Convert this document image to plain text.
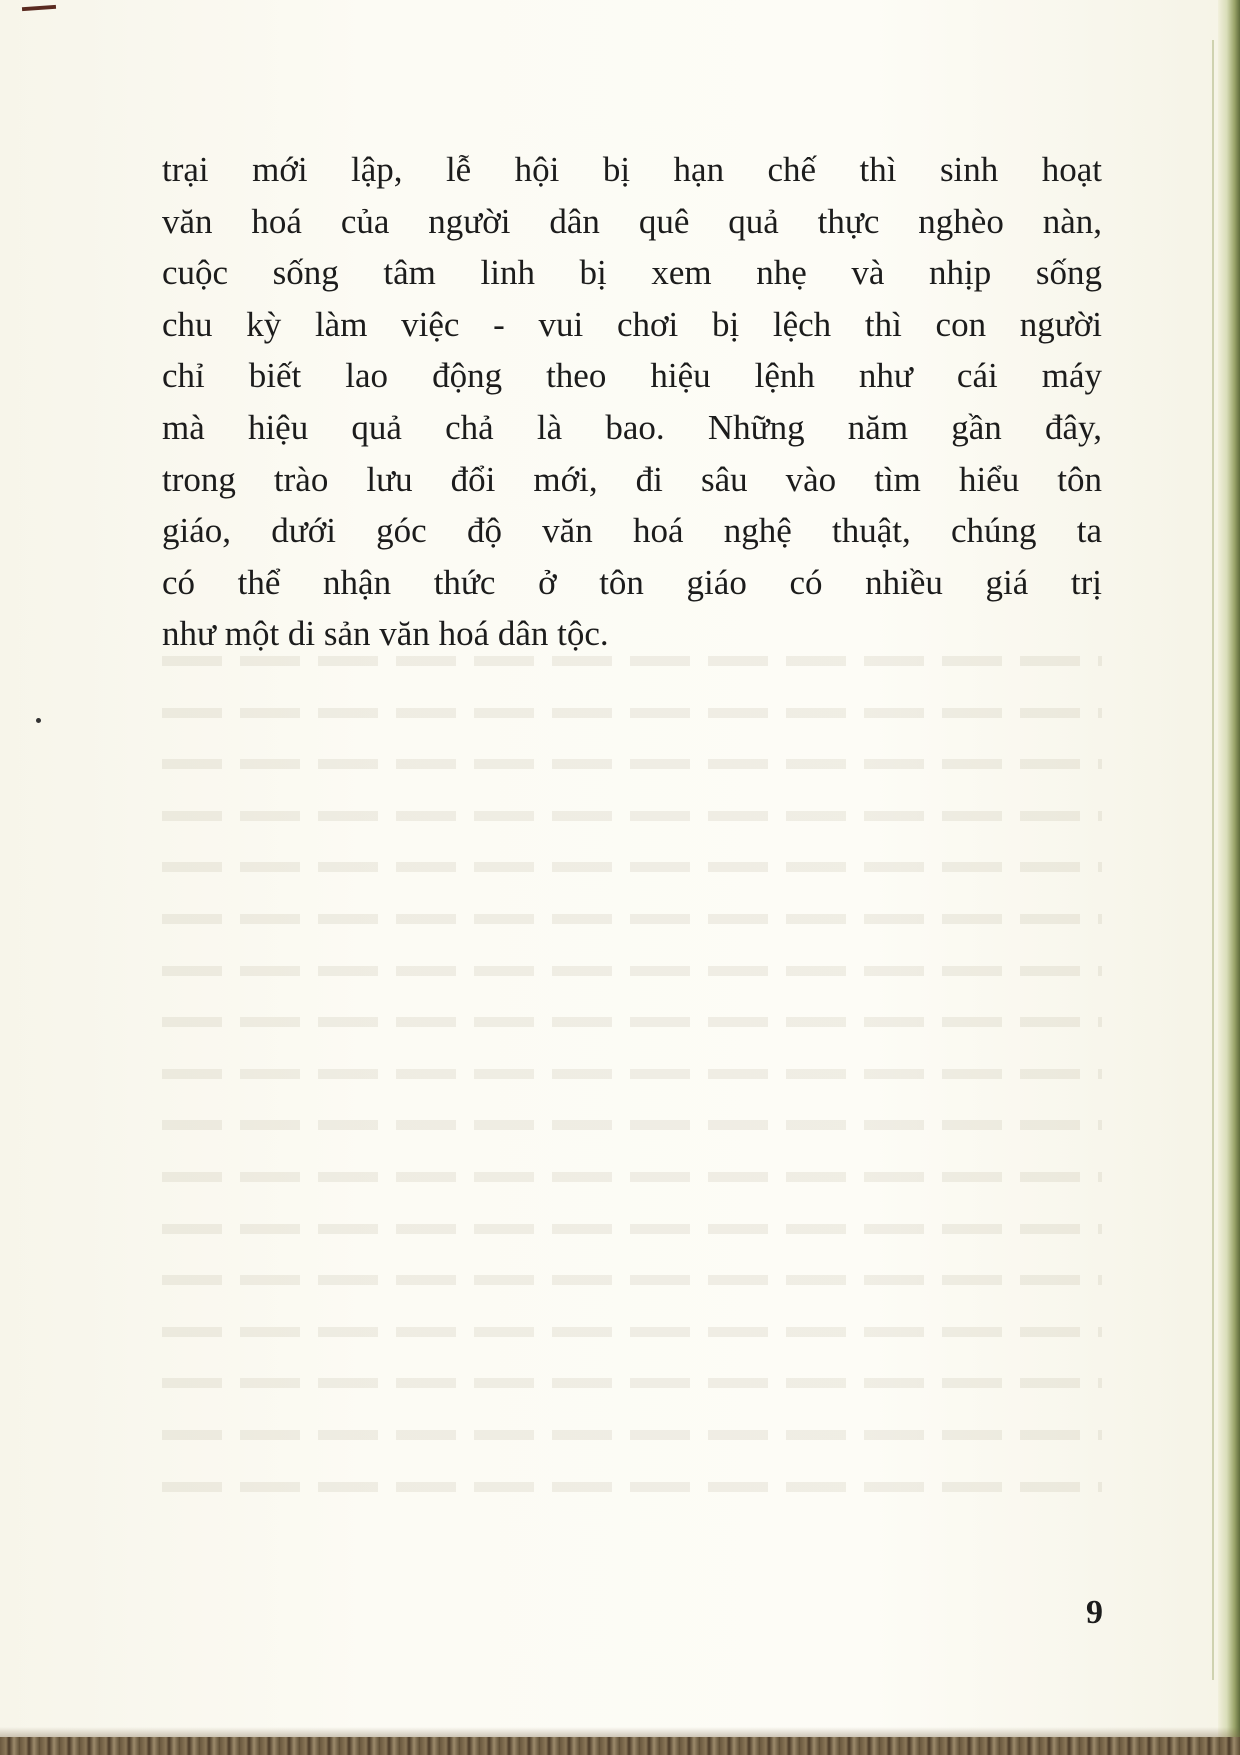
trại mới lập, lễ hội bị hạn chế thì sinh hoạt
văn hoá của người dân quê quả thực nghèo nàn,
cuộc sống tâm linh bị xem nhẹ và nhịp sống
chu kỳ làm việc - vui chơi bị lệch thì con người
chỉ biết lao động theo hiệu lệnh như cái máy
mà hiệu quả chả là bao. Những năm gần đây,
trong trào lưu đổi mới, đi sâu vào tìm hiểu tôn
giáo, dưới góc độ văn hoá nghệ thuật, chúng ta
có thể nhận thức ở tôn giáo có nhiều giá trị
như một di sản văn hoá dân tộc.

9
